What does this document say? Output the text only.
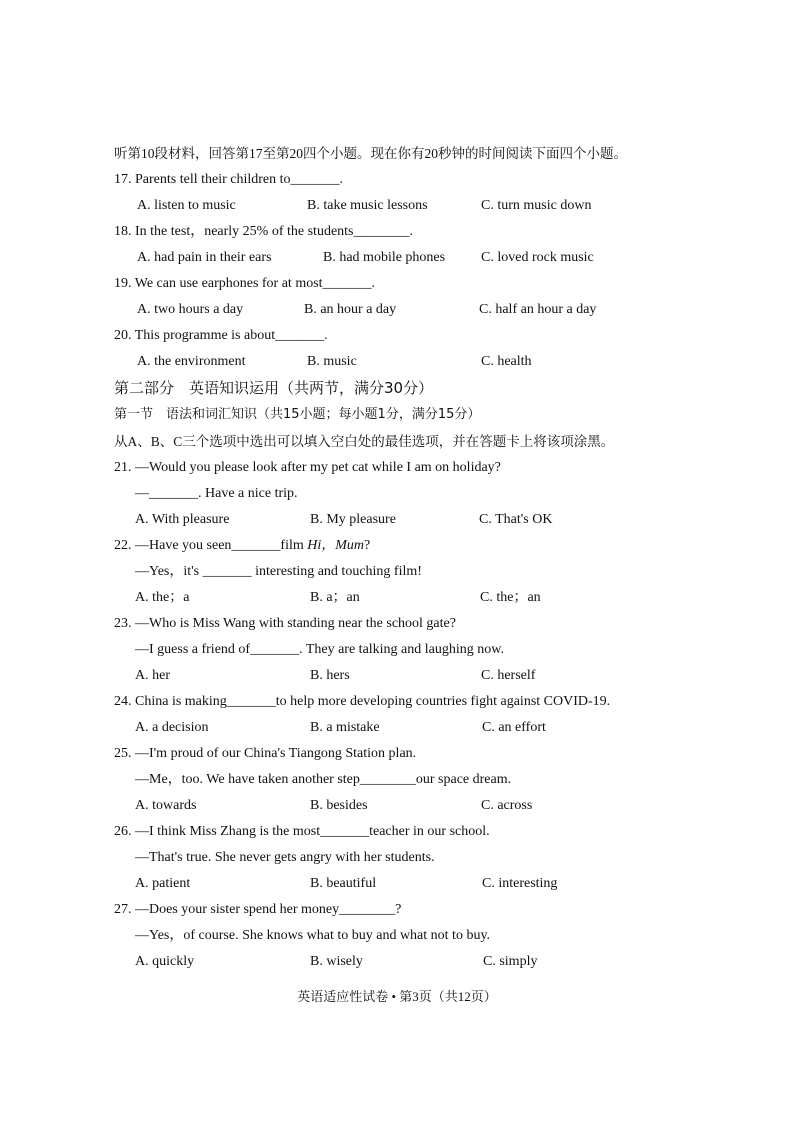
听第10段材料，回答第17至第20四个小题。现在你有20秒钟的时间阅读下面四个小题。
17. Parents tell their children to_______.
A. listen to music	B. take music lessons	C. turn music down
18. In the test，nearly 25% of the students________.
A. had pain in their ears	B. had mobile phones	C. loved rock music
19. We can use earphones for at most_______.
A. two hours a day	B. an hour a day	C. half an hour a day
20. This programme is about_______.
A. the environment	B. music	C. health
第二部分　英语知识运用（共两节，满分30分）
第一节　语法和词汇知识（共15小题；每小题1分，满分15分）
从A、B、C三个选项中选出可以填入空白处的最佳选项，并在答题卡上将该项涂黑。
21. —Would you please look after my pet cat while I am on holiday?
—_______. Have a nice trip.
A. With pleasure	B. My pleasure	C. That's OK
22. —Have you seen_______film Hi，Mum?
—Yes，it's _______ interesting and touching film!
A. the；a	B. a；an	C. the；an
23. —Who is Miss Wang with standing near the school gate?
—I guess a friend of_______. They are talking and laughing now.
A. her	B. hers	C. herself
24. China is making_______to help more developing countries fight against COVID-19.
A. a decision	B. a mistake	C. an effort
25. —I'm proud of our China's Tiangong Station plan.
—Me，too. We have taken another step________our space dream.
A. towards	B. besides	C. across
26. —I think Miss Zhang is the most_______teacher in our school.
—That's true. She never gets angry with her students.
A. patient	B. beautiful	C. interesting
27. —Does your sister spend her money________?
—Yes，of course. She knows what to buy and what not to buy.
A. quickly	B. wisely	C. simply
英语适应性试卷 • 第3页（共12页）
